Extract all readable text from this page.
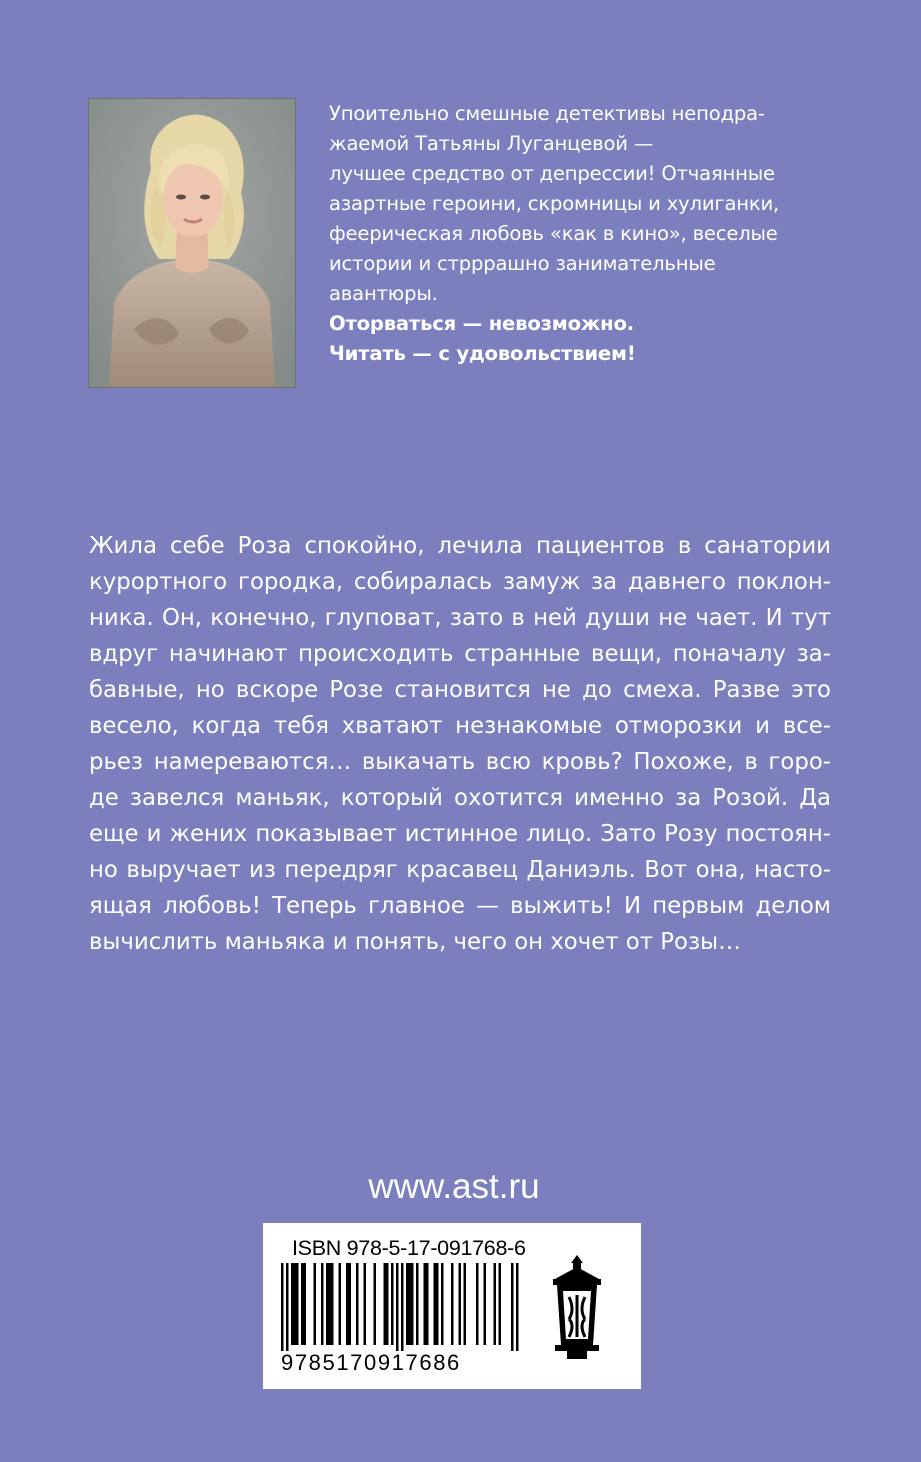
Упоительно смешные детективы неподра-
жаемой Татьяны Луганцевой —
лучшее средство от депрессии! Отчаянные
азартные героини, скромницы и хулиганки,
феерическая любовь «как в кино», веселые
истории и стрррашно занимательные
авантюры.
Оторваться — невозможно.
Читать — с удовольствием!
Жила себе Роза спокойно, лечила пациентов в санатории
курортного городка, собиралась замуж за давнего поклон-
ника. Он, конечно, глуповат, зато в ней души не чает. И тут
вдруг начинают происходить странные вещи, поначалу за-
бавные, но вскоре Розе становится не до смеха. Разве это
весело, когда тебя хватают незнакомые отморозки и все-
рьез намереваются… выкачать всю кровь? Похоже, в горо-
де завелся маньяк, который охотится именно за Розой. Да
еще и жених показывает истинное лицо. Зато Розу постоян-
но выручает из передряг красавец Даниэль. Вот она, насто-
ящая любовь! Теперь главное — выжить! И первым делом
вычислить маньяка и понять, чего он хочет от Розы…
www.ast.ru
ISBN 978-5-17-091768-6
9785170917686
